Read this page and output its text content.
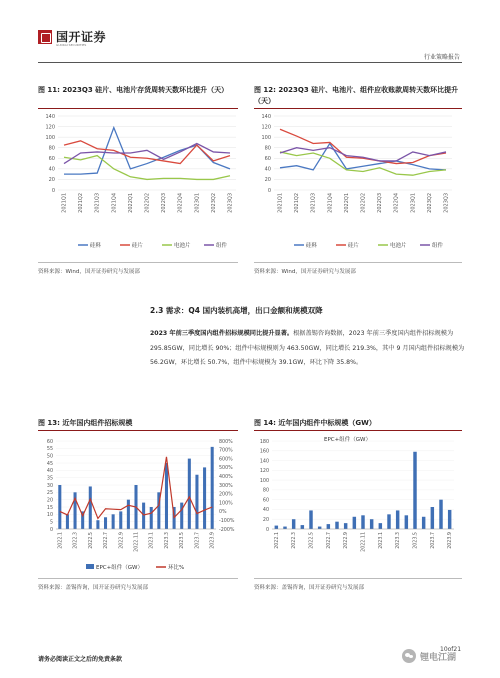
国开证券
GUOKAI SECURITIES
行业策略报告
图 11: 2023Q3 硅片、电池片存货周转天数环比提升（天）
0
20
40
60
80
100
120
140
2021Q1 2021Q2 2021Q3 2021Q4 2022Q1 2022Q2 2022Q3 2022Q4 2023Q1 2023Q2 2023Q3
硅料	硅片	电池片	组件
资料来源：Wind，国开证券研究与发展部
图 12: 2023Q3 硅片、电池片、组件应收账款周转天数环比提升（天）
0
20
40
60
80
100
120
140
2021Q1 2021Q2 2021Q3 2021Q4 2022Q1 2022Q2 2022Q3 2022Q4 2023Q1 2023Q2 2023Q3
硅料	硅片	电池片	组件
资料来源：Wind，国开证券研究与发展部
2.3 需求：Q4 国内装机高增，出口金额和规模双降
2023 年前三季度国内组件招标规模同比提升显著。根据盖锡咨询数据，2023 年前三季度国内组件招标规模为 295.85GW，同比增长 90%；组件中标规模则为 463.50GW，同比增长 219.3%，其中 9 月国内组件招标规模为 56.2GW，环比增长 50.7%，组件中标规模为 39.1GW，环比下降 35.8%。
图 13: 近年国内组件招标规模
0
5
10
15
20
25
30
35
40
45
50
55
60
2022.1 2022.3 2022.5 2022.7 2022.9 2022.11 2023.1 2023.3 2023.5 2023.7 2023.9
-200%
-100%
0%
100%
200%
300%
400%
500%
600%
700%
800%
EPC+组件（GW）	环比%
资料来源：盖锡咨询，国开证券研究与发展部
图 14: 近年国内组件中标规模（GW）
0
20
40
60
80
100
120
140
160
180
2022.1	2022.3	2022.5	2022.7	2022.9	2022.11	2023.1	2023.3	2023.5	2023.7	2023.9
EPC+组件（GW）
资料来源：盖锡咨询，国开证券研究与发展部
请务必阅读正文之后的免责条款
10of21
锂电江湖
